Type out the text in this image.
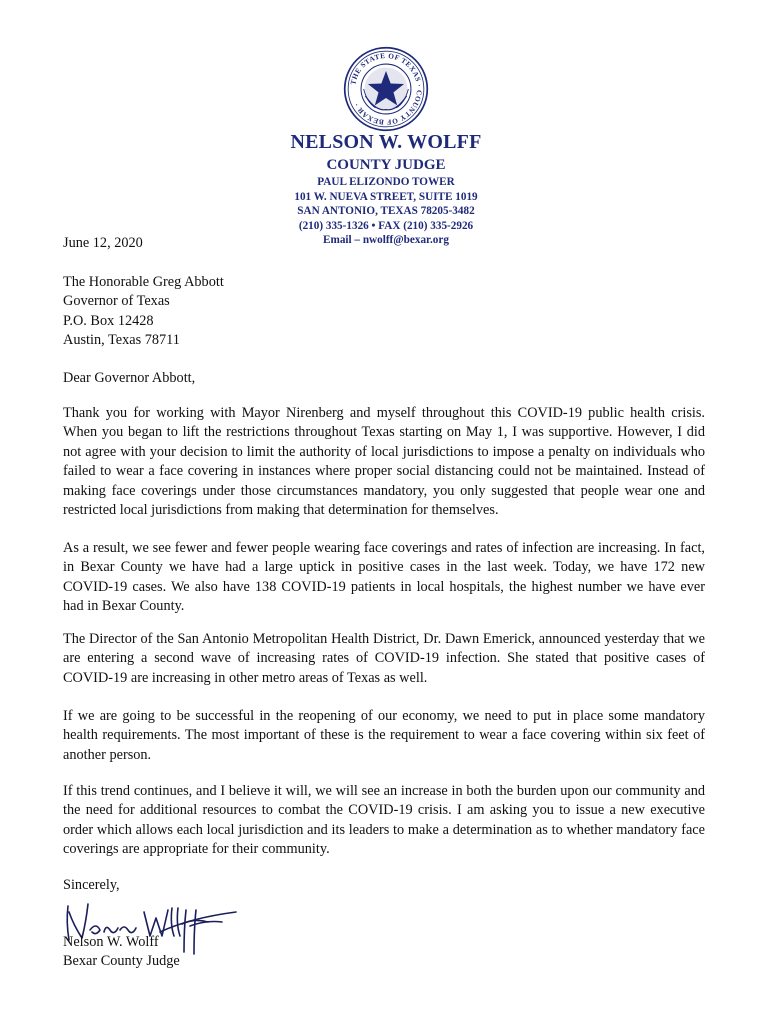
THE STATE OF TEXAS · COUNTY OF BEXAR ·
NELSON W. WOLFF
COUNTY JUDGE
PAUL ELIZONDO TOWER
101 W. NUEVA STREET, SUITE 1019
SAN ANTONIO, TEXAS 78205-3482
(210) 335-1326 • FAX (210) 335-2926
Email – nwolff@bexar.org
June 12, 2020
The Honorable Greg Abbott
Governor of Texas
P.O. Box 12428
Austin, Texas 78711
Dear Governor Abbott,
Thank you for working with Mayor Nirenberg and myself throughout this COVID-19 public health crisis. When you began to lift the restrictions throughout Texas starting on May 1, I was supportive. However, I did not agree with your decision to limit the authority of local jurisdictions to impose a penalty on individuals who failed to wear a face covering in instances where proper social distancing could not be maintained. Instead of making face coverings under those circumstances mandatory, you only suggested that people wear one and restricted local jurisdictions from making that determination for themselves.
As a result, we see fewer and fewer people wearing face coverings and rates of infection are increasing. In fact, in Bexar County we have had a large uptick in positive cases in the last week. Today, we have 172 new COVID-19 cases. We also have 138 COVID-19 patients in local hospitals, the highest number we have ever had in Bexar County.
The Director of the San Antonio Metropolitan Health District, Dr. Dawn Emerick, announced yesterday that we are entering a second wave of increasing rates of COVID-19 infection. She stated that positive cases of COVID-19 are increasing in other metro areas of Texas as well.
If we are going to be successful in the reopening of our economy, we need to put in place some mandatory health requirements. The most important of these is the requirement to wear a face covering within six feet of another person.
If this trend continues, and I believe it will, we will see an increase in both the burden upon our community and the need for additional resources to combat the COVID-19 crisis. I am asking you to issue a new executive order which allows each local jurisdiction and its leaders to make a determination as to whether mandatory face coverings are appropriate for their community.
Sincerely,
Nelson W. Wolff
Bexar County Judge
